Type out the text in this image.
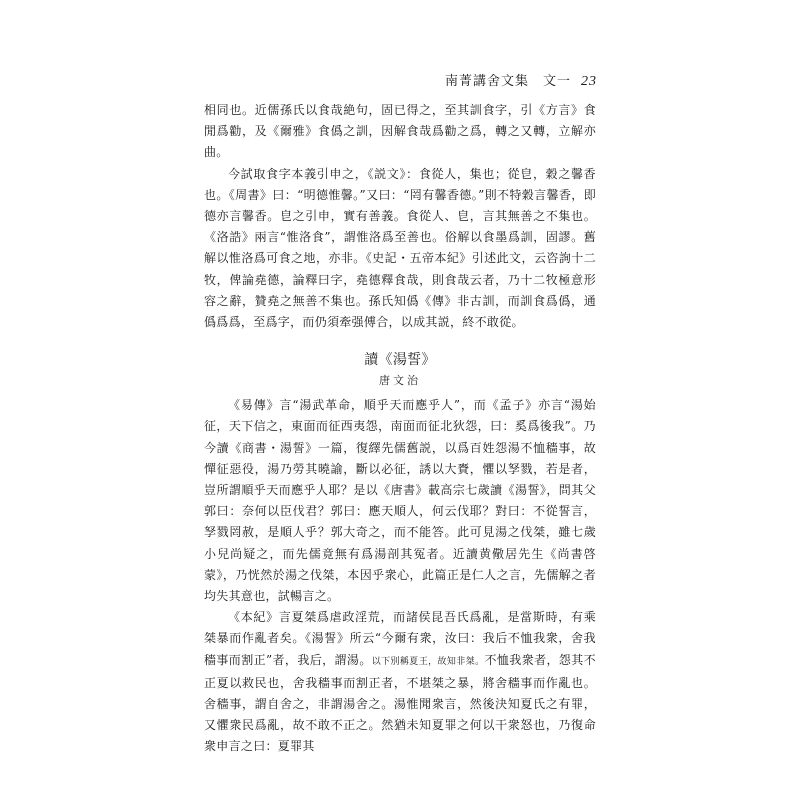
南菁講舍文集　文一 23

相同也。近儒孫氏以食哉絶句，固已得之，至其訓食字，引《方言》食閒爲勸，及《爾雅》食僞之訓，因解食哉爲勸之爲，轉之又轉，立解亦曲。

今試取食字本義引申之，《説文》：食從人，集也；從皀，穀之馨香也。《周書》曰：“明德惟馨。”又曰：“罔有馨香德。”則不特穀言馨香，即德亦言馨香。皀之引申，實有善義。食從人、皀，言其無善之不集也。《洛誥》兩言“惟洛食”，謂惟洛爲至善也。俗解以食墨爲訓，固謬。舊解以惟洛爲可食之地，亦非。《史記・五帝本紀》引述此文，云咨詢十二牧，俾論堯德，論釋曰字，堯德釋食哉，則食哉云者，乃十二牧極意形容之辭，贊堯之無善不集也。孫氏知僞《傳》非古訓，而訓食爲僞，通僞爲爲，至爲字，而仍須牽强傅合，以成其説，終不敢從。

讀《湯誓》
唐文治

《易傳》言“湯武革命，順乎天而應乎人”，而《孟子》亦言“湯始征，天下信之，東面而征西夷怨，南面而征北狄怨，曰：奚爲後我”。乃今讀《商書・湯誓》一篇，復繹先儒舊説，以爲百姓怨湯不恤穡事，故憚征惡役，湯乃勞其曉諭，斷以必征，誘以大賚，懼以孥戮，若是者，豈所謂順乎天而應乎人耶？是以《唐書》載高宗七歲讀《湯誓》，問其父郭曰：奈何以臣伐君？郭曰：應天順人，何云伐耶？對曰：不從誓言，孥戮罔赦，是順人乎？郭大奇之，而不能答。此可見湯之伐桀，雖七歲小兒尚疑之，而先儒竟無有爲湯剖其冤者。近讀黄儆居先生《尚書啓蒙》，乃恍然於湯之伐桀，本因乎衆心，此篇正是仁人之言，先儒解之者均失其意也，試暢言之。

《本紀》言夏桀爲虐政淫荒，而諸侯昆吾氏爲亂，是當斯時，有乘桀暴而作亂者矣。《湯誓》所云“今爾有衆，汝曰：我后不恤我衆，舍我穡事而割正”者，我后，謂湯。以下別稱夏王，故知非桀。不恤我衆者，怨其不正夏以救民也，舍我穡事而割正者，不堪桀之暴，將舍穡事而作亂也。舍穡事，謂自舍之，非謂湯舍之。湯惟聞衆言，然後決知夏氏之有罪，又懼衆民爲亂，故不敢不正之。然猶未知夏罪之何以干衆怒也，乃復命衆申言之曰：夏罪其
